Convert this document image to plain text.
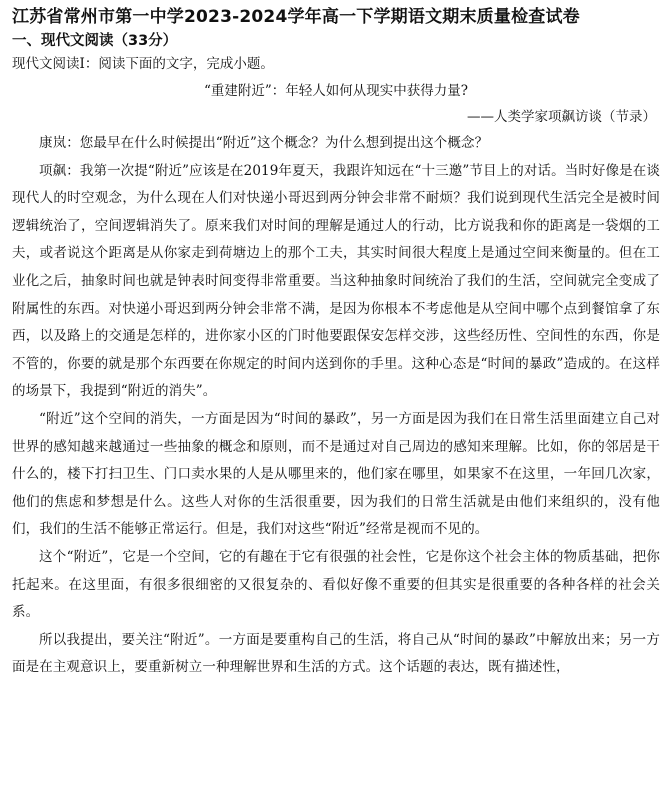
江苏省常州市第一中学2023-2024学年高一下学期语文期末质量检查试卷
一、现代文阅读（33分）

现代文阅读Ⅰ：阅读下面的文字，完成小题。

“重建附近”：年轻人如何从现实中获得力量?

——人类学家项飙访谈（节录）

康岚：您最早在什么时候提出“附近”这个概念？为什么想到提出这个概念？

项飙：我第一次提“附近”应该是在2019年夏天，我跟许知远在“十三邀”节目上的对话。当时好像是在谈现代人的时空观念，为什么现在人们对快递小哥迟到两分钟会非常不耐烦？我们说到现代生活完全是被时间逻辑统治了，空间逻辑消失了。原来我们对时间的理解是通过人的行动，比方说我和你的距离是一袋烟的工夫，或者说这个距离是从你家走到荷塘边上的那个工夫，其实时间很大程度上是通过空间来衡量的。但在工业化之后，抽象时间也就是钟表时间变得非常重要。当这种抽象时间统治了我们的生活，空间就完全变成了附属性的东西。对快递小哥迟到两分钟会非常不满，是因为你根本不考虑他是从空间中哪个点到餐馆拿了东西，以及路上的交通是怎样的，进你家小区的门时他要跟保安怎样交涉，这些经历性、空间性的东西，你是不管的，你要的就是那个东西要在你规定的时间内送到你的手里。这种心态是“时间的暴政”造成的。在这样的场景下，我提到“附近的消失”。

“附近”这个空间的消失，一方面是因为“时间的暴政”，另一方面是因为我们在日常生活里面建立自己对世界的感知越来越通过一些抽象的概念和原则，而不是通过对自己周边的感知来理解。比如，你的邻居是干什么的，楼下打扫卫生、门口卖水果的人是从哪里来的，他们家在哪里，如果家不在这里，一年回几次家，他们的焦虑和梦想是什么。这些人对你的生活很重要，因为我们的日常生活就是由他们来组织的，没有他们，我们的生活不能够正常运行。但是，我们对这些“附近”经常是视而不见的。

这个“附近”，它是一个空间，它的有趣在于它有很强的社会性，它是你这个社会主体的物质基础，把你托起来。在这里面，有很多很细密的又很复杂的、看似好像不重要的但其实是很重要的各种各样的社会关系。

所以我提出，要关注“附近”。一方面是要重构自己的生活，将自己从“时间的暴政”中解放出来；另一方面是在主观意识上，要重新树立一种理解世界和生活的方式。这个话题的表达，既有描述性，
